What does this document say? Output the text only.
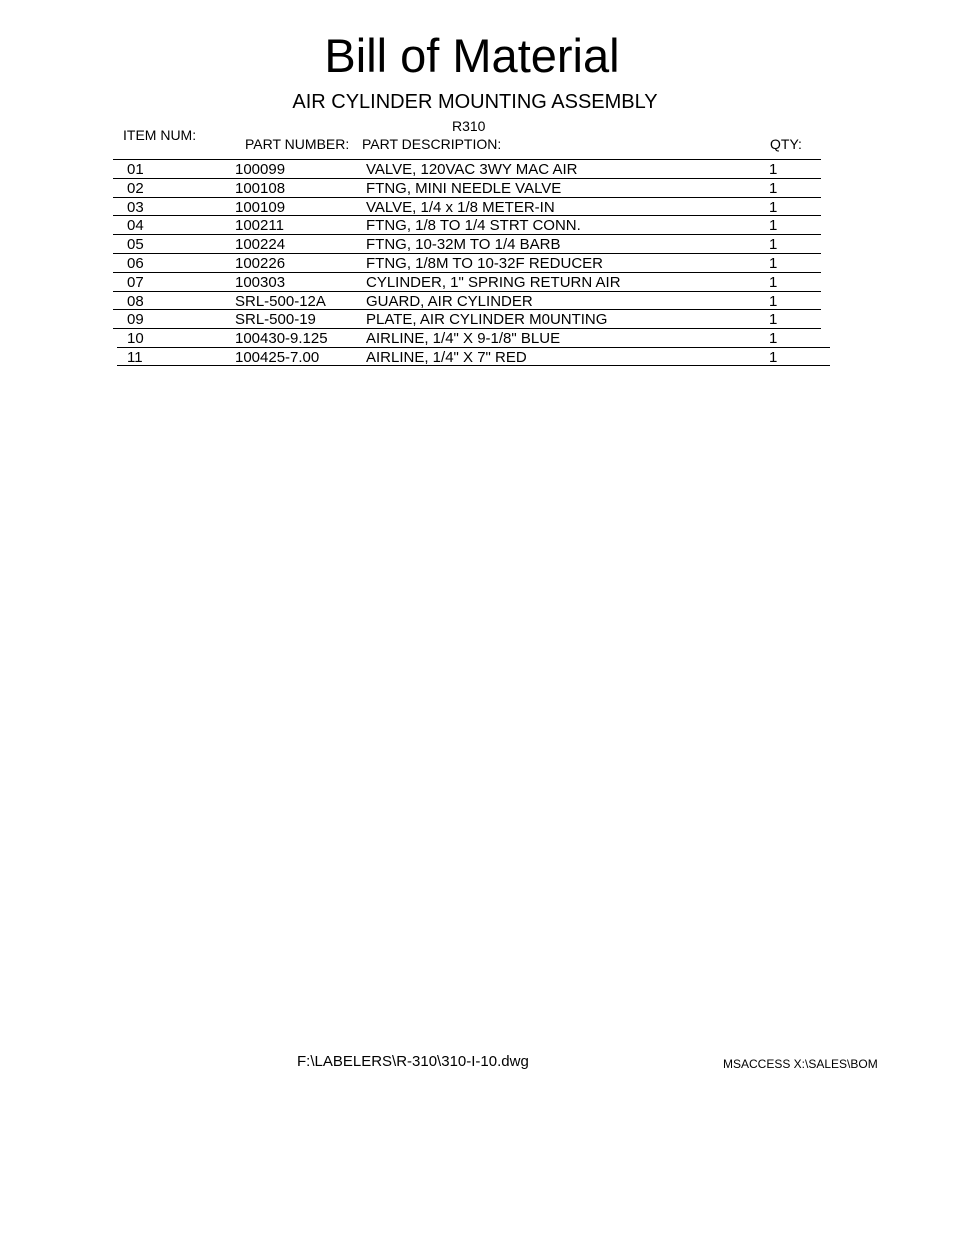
Bill of Material
AIR CYLINDER MOUNTING ASSEMBLY
R310
ITEM NUM:
PART NUMBER: PART DESCRIPTION:	QTY:
01	100099	VALVE, 120VAC 3WY MAC AIR	1
02	100108	FTNG, MINI NEEDLE VALVE	1
03	100109	VALVE, 1/4 x 1/8 METER-IN	1
04	100211	FTNG, 1/8 TO 1/4 STRT CONN.	1
05	100224	FTNG, 10-32M TO 1/4 BARB	1
06	100226	FTNG, 1/8M TO 10-32F REDUCER	1
07	100303	CYLINDER, 1" SPRING RETURN AIR	1
08	SRL-500-12A	GUARD, AIR CYLINDER	1
09	SRL-500-19	PLATE, AIR CYLINDER M0UNTING	1
10	100430-9.125	AIRLINE, 1/4" X 9-1/8" BLUE	1
11	100425-7.00	AIRLINE, 1/4" X 7" RED	1
F:\LABELERS\R-310\310-I-10.dwg	MSACCESS X:\SALES\BOM
